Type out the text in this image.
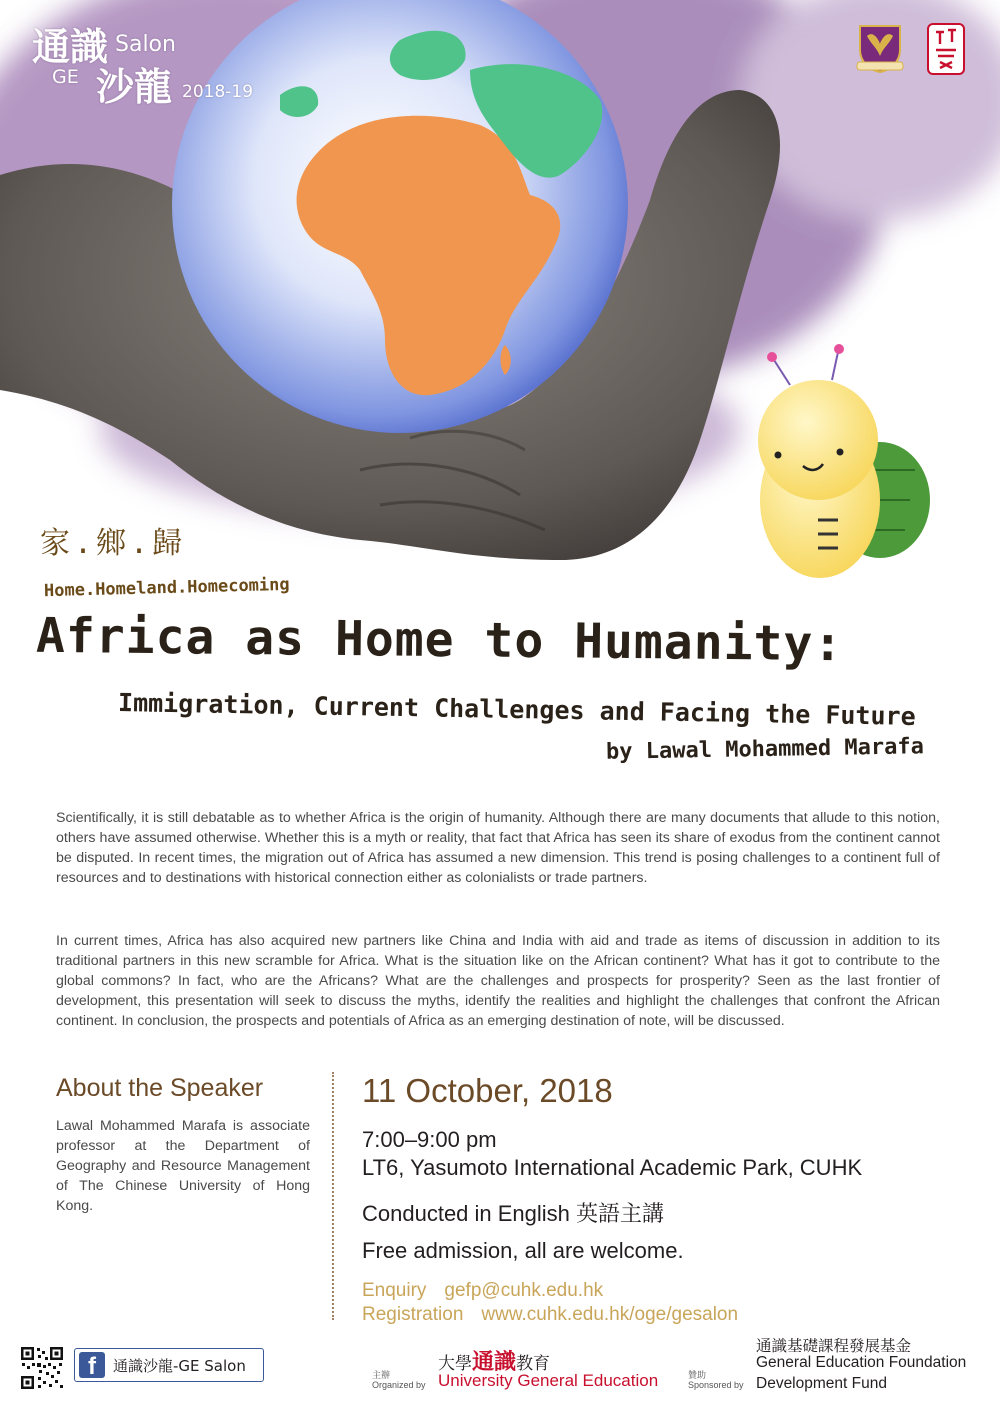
通識 Salon
GE 沙龍 2018-19
家.鄉.歸
Home.Homeland.Homecoming
Africa as Home to Humanity:
Immigration, Current Challenges and Facing the Future
by Lawal Mohammed Marafa

Scientifically, it is still debatable as to whether Africa is the origin of humanity. Although there are many documents that allude to this notion, others have assumed otherwise. Whether this is a myth or reality, that fact that Africa has seen its share of exodus from the continent cannot be disputed. In recent times, the migration out of Africa has assumed a new dimension. This trend is posing challenges to a continent full of resources and to destinations with historical connection either as colonialists or trade partners.

In current times, Africa has also acquired new partners like China and India with aid and trade as items of discussion in addition to its traditional partners in this new scramble for Africa. What is the situation like on the African continent? What has it got to contribute to the global commons? In fact, who are the Africans? What are the challenges and prospects for prosperity? Seen as the last frontier of development, this presentation will seek to discuss the myths, identify the realities and highlight the challenges that confront the African continent. In conclusion, the prospects and potentials of Africa as an emerging destination of note, will be discussed.

About the Speaker

Lawal Mohammed Marafa is associate professor at the Department of Geography and Resource Management of The Chinese University of Hong Kong.

11 October, 2018
7:00–9:00 pm
LT6, Yasumoto International Academic Park, CUHK
Conducted in English 英語主講
Free admission, all are welcome.
Enquiry gefp@cuhk.edu.hk
Registration www.cuhk.edu.hk/oge/gesalon
f	通識沙龍-GE Salon	主辦
Organized by
大學通識教育
University General Education	贊助
Sponsored by
通識基礎課程發展基金
General Education Foundation
Development Fund
